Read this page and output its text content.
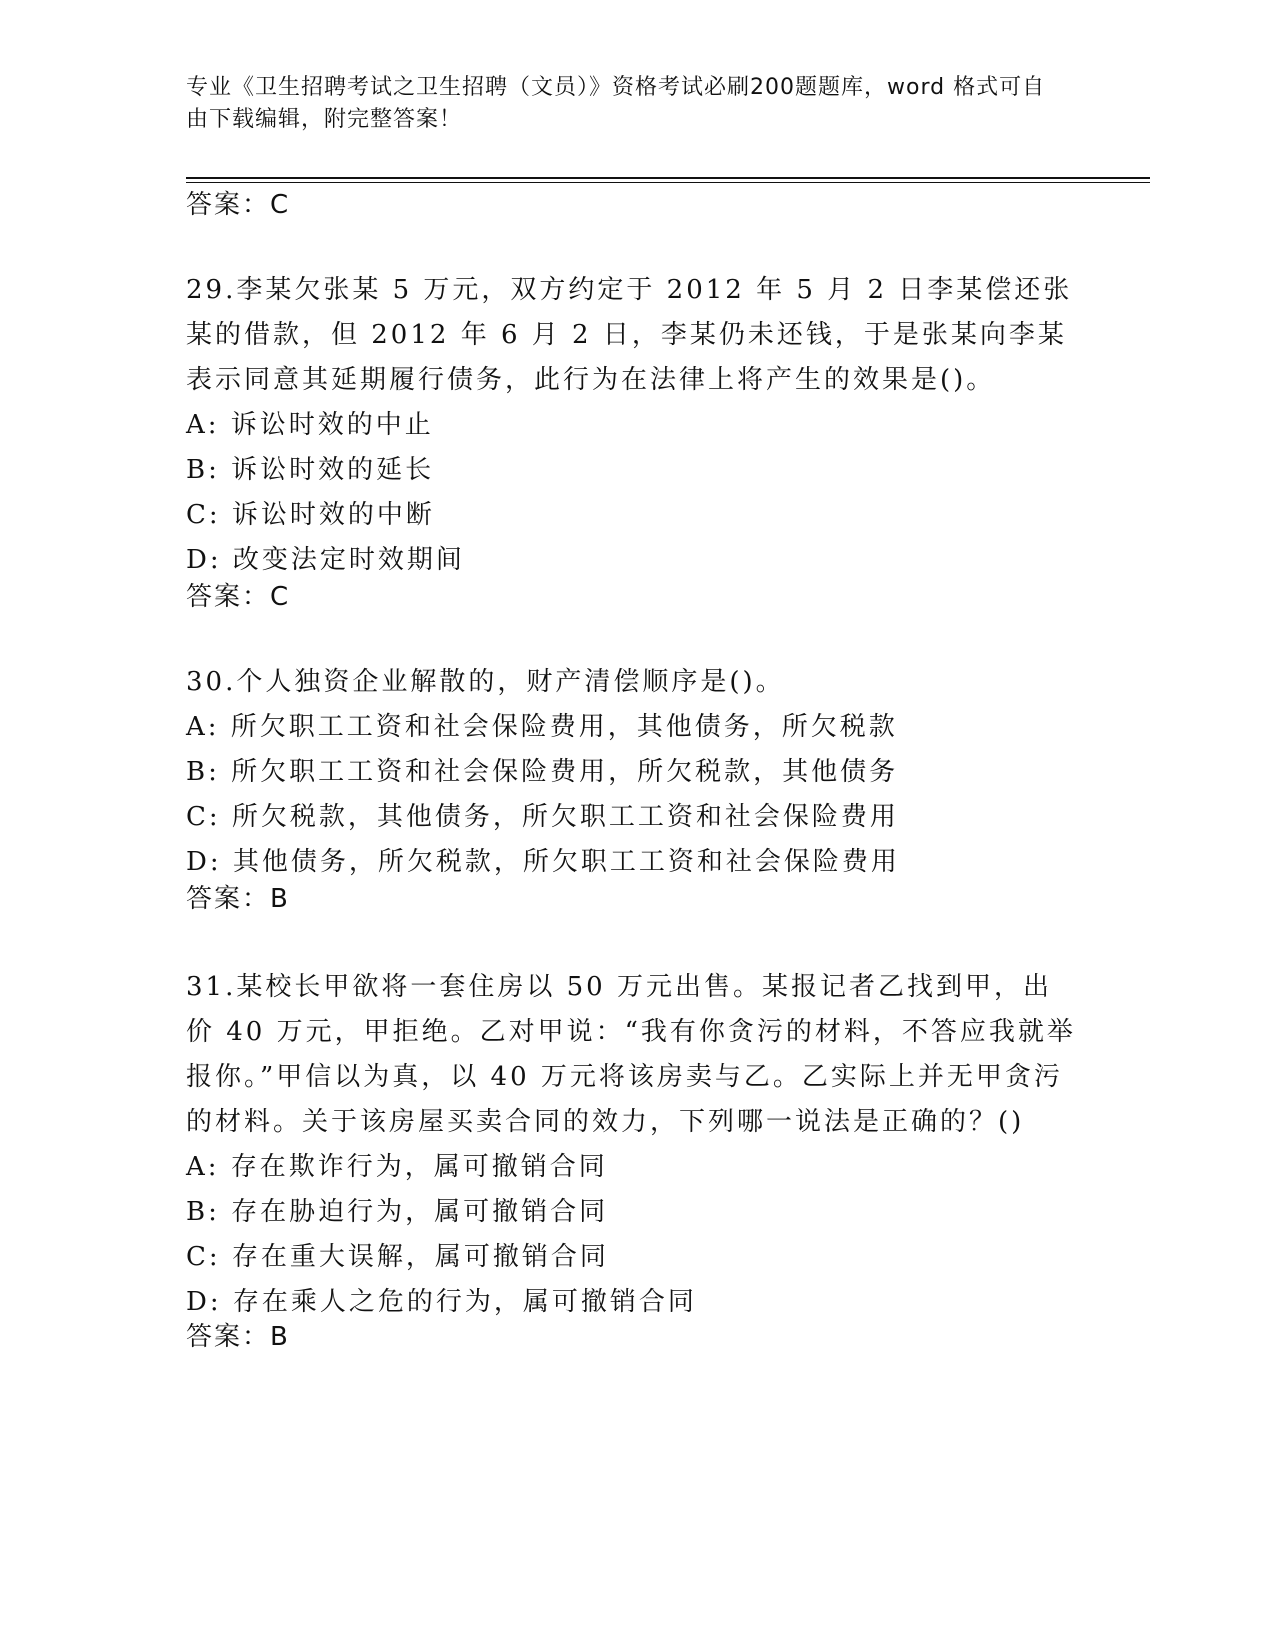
专业《卫生招聘考试之卫生招聘（文员）》资格考试必刷200题题库，word 格式可自由下载编辑，附完整答案！
答案：C
29.李某欠张某 5 万元，双方约定于 2012 年 5 月 2 日李某偿还张某的借款，但 2012 年 6 月 2 日，李某仍未还钱，于是张某向李某表示同意其延期履行债务，此行为在法律上将产生的效果是()。
A: 诉讼时效的中止
B: 诉讼时效的延长
C: 诉讼时效的中断
D: 改变法定时效期间
答案：C
30.个人独资企业解散的，财产清偿顺序是()。
A: 所欠职工工资和社会保险费用，其他债务，所欠税款
B: 所欠职工工资和社会保险费用，所欠税款，其他债务
C: 所欠税款，其他债务，所欠职工工资和社会保险费用
D: 其他债务，所欠税款，所欠职工工资和社会保险费用
答案：B
31.某校长甲欲将一套住房以 50 万元出售。某报记者乙找到甲，出价 40 万元，甲拒绝。乙对甲说：“我有你贪污的材料，不答应我就举报你。”甲信以为真，以 40 万元将该房卖与乙。乙实际上并无甲贪污的材料。关于该房屋买卖合同的效力，下列哪一说法是正确的？()
A: 存在欺诈行为，属可撤销合同
B: 存在胁迫行为，属可撤销合同
C: 存在重大误解，属可撤销合同
D: 存在乘人之危的行为，属可撤销合同
答案：B
